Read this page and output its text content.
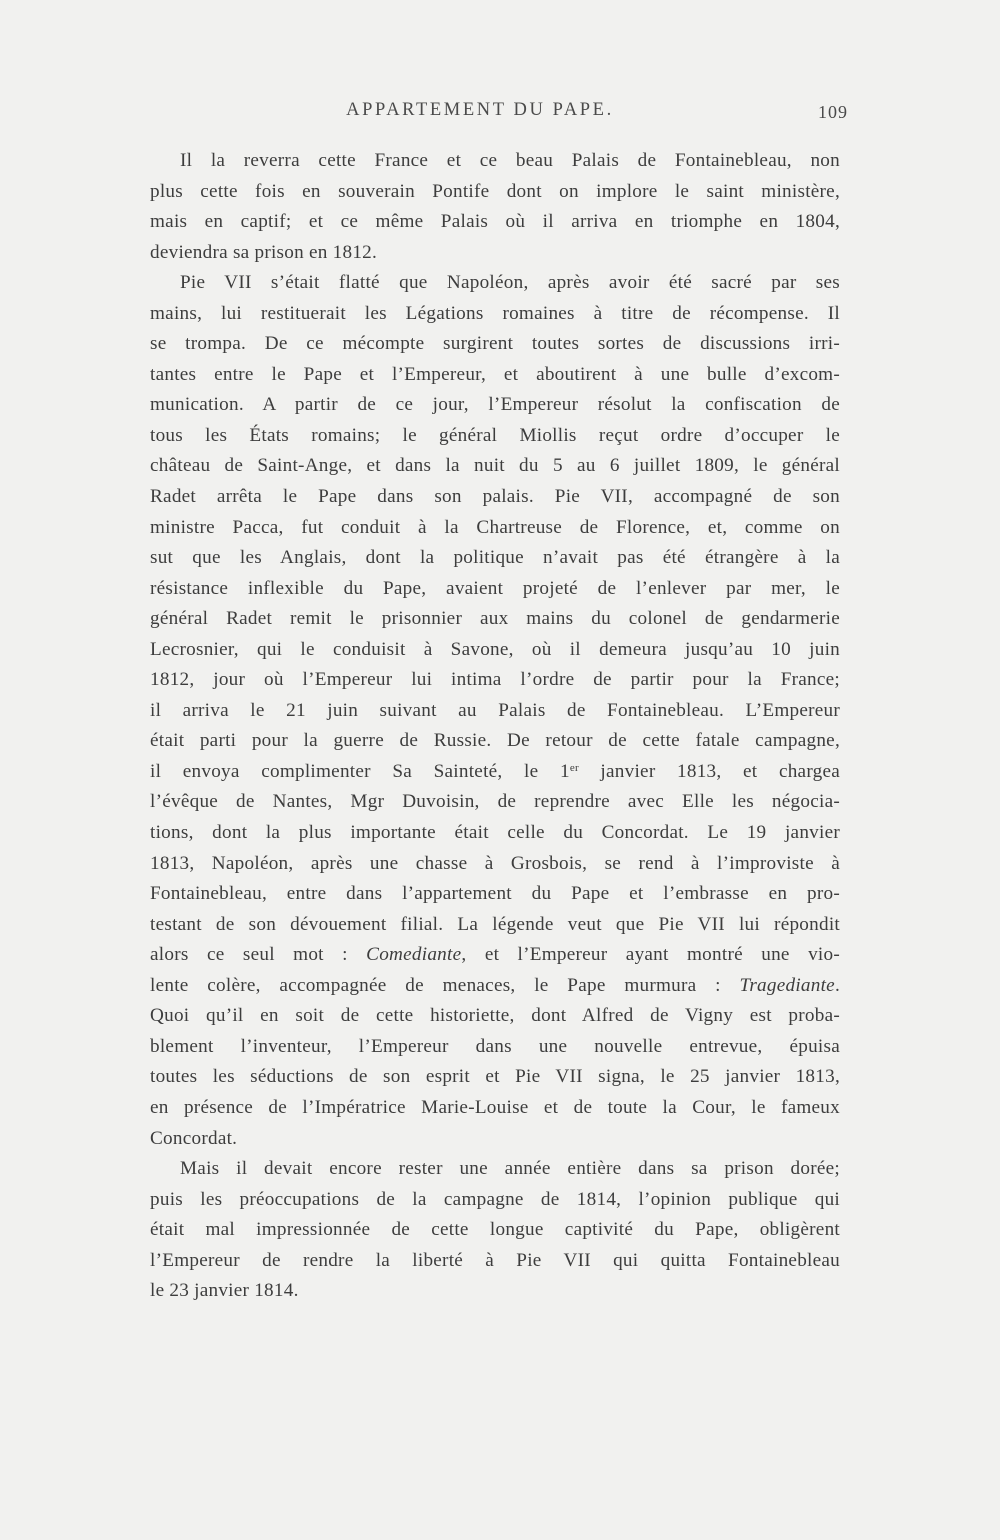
APPARTEMENT DU PAPE.	109
Il la reverra cette France et ce beau Palais de Fontainebleau, non
plus cette fois en souverain Pontife dont on implore le saint ministère,
mais en captif; et ce même Palais où il arriva en triomphe en 1804,
deviendra sa prison en 1812.
Pie VII s’était flatté que Napoléon, après avoir été sacré par ses
mains, lui restituerait les Légations romaines à titre de récompense. Il
se trompa. De ce mécompte surgirent toutes sortes de discussions irri-
tantes entre le Pape et l’Empereur, et aboutirent à une bulle d’excom-
munication. A partir de ce jour, l’Empereur résolut la confiscation de
tous les États romains; le général Miollis reçut ordre d’occuper le
château de Saint-Ange, et dans la nuit du 5 au 6 juillet 1809, le général
Radet arrêta le Pape dans son palais. Pie VII, accompagné de son
ministre Pacca, fut conduit à la Chartreuse de Florence, et, comme on
sut que les Anglais, dont la politique n’avait pas été étrangère à la
résistance inflexible du Pape, avaient projeté de l’enlever par mer, le
général Radet remit le prisonnier aux mains du colonel de gendarmerie
Lecrosnier, qui le conduisit à Savone, où il demeura jusqu’au 10 juin
1812, jour où l’Empereur lui intima l’ordre de partir pour la France;
il arriva le 21 juin suivant au Palais de Fontainebleau. L’Empereur
était parti pour la guerre de Russie. De retour de cette fatale campagne,
il envoya complimenter Sa Sainteté, le 1er janvier 1813, et chargea
l’évêque de Nantes, Mgr Duvoisin, de reprendre avec Elle les négocia-
tions, dont la plus importante était celle du Concordat. Le 19 janvier
1813, Napoléon, après une chasse à Grosbois, se rend à l’improviste à
Fontainebleau, entre dans l’appartement du Pape et l’embrasse en pro-
testant de son dévouement filial. La légende veut que Pie VII lui répondit
alors ce seul mot : Comediante, et l’Empereur ayant montré une vio-
lente colère, accompagnée de menaces, le Pape murmura : Tragediante.
Quoi qu’il en soit de cette historiette, dont Alfred de Vigny est proba-
blement l’inventeur, l’Empereur dans une nouvelle entrevue, épuisa
toutes les séductions de son esprit et Pie VII signa, le 25 janvier 1813,
en présence de l’Impératrice Marie-Louise et de toute la Cour, le fameux
Concordat.
Mais il devait encore rester une année entière dans sa prison dorée;
puis les préoccupations de la campagne de 1814, l’opinion publique qui
était mal impressionnée de cette longue captivité du Pape, obligèrent
l’Empereur de rendre la liberté à Pie VII qui quitta Fontainebleau
le 23 janvier 1814.
